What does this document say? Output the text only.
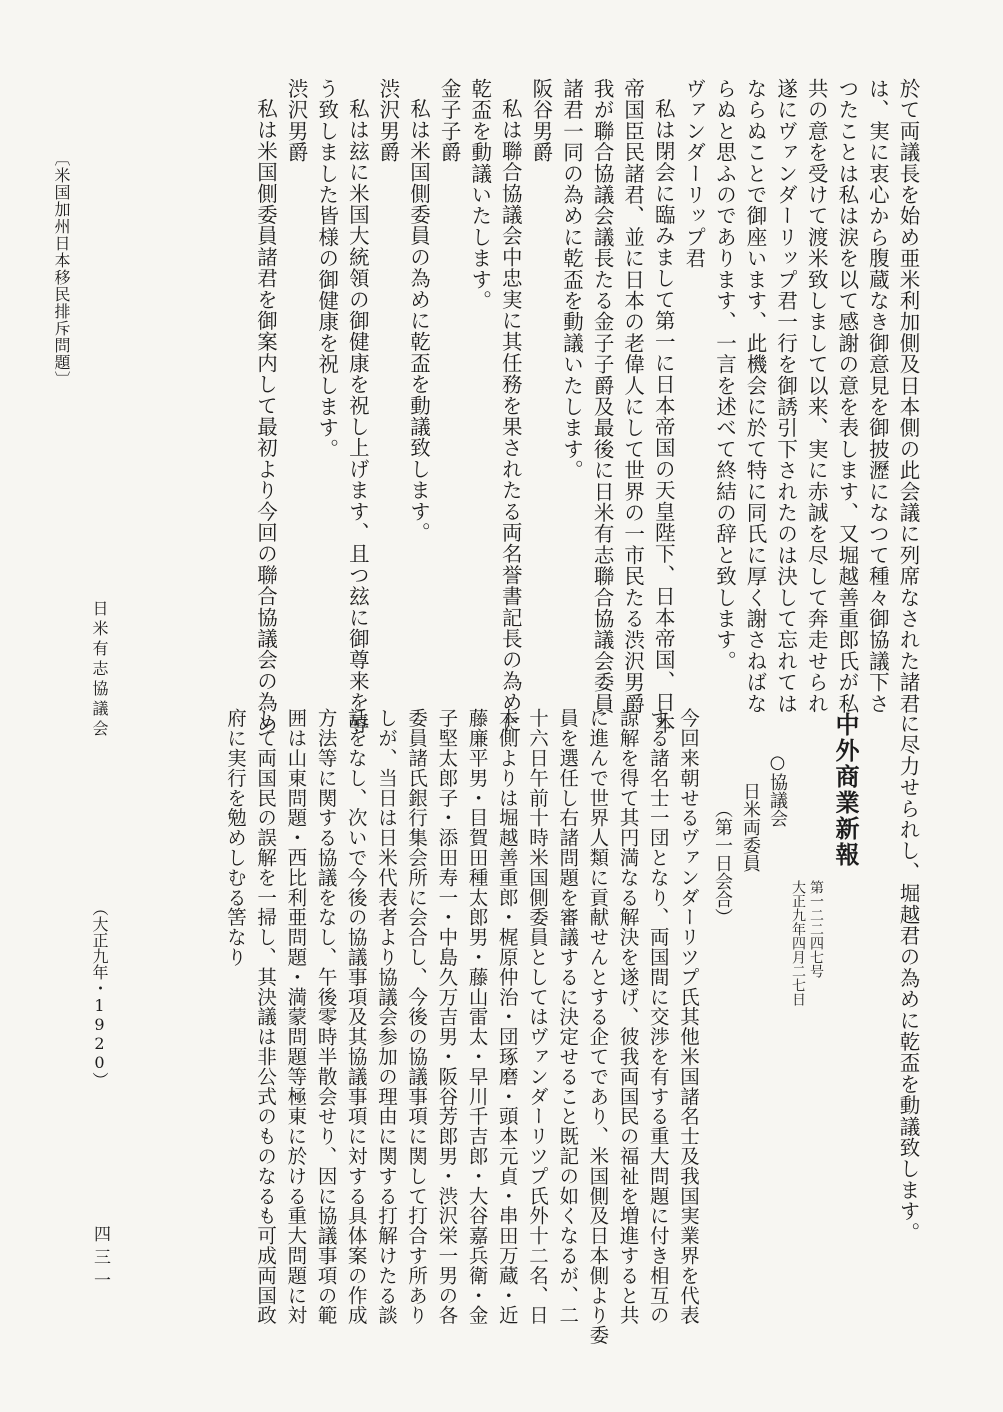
於て両議長を始め亜米利加側及日本側の此会議に列席なされた諸君
は、実に衷心から腹蔵なき御意見を御披瀝になつて種々御協議下さ
つたことは私は涙を以て感謝の意を表します、又堀越善重郎氏が私
共の意を受けて渡米致しまして以来、実に赤誠を尽して奔走せられ
遂にヴァンダーリップ君一行を御誘引下されたのは決して忘れては
ならぬことで御座います、此機会に於て特に同氏に厚く謝さねばな
らぬと思ふのであります、一言を述べて終結の辞と致します。
ヴァンダーリップ君
私は閉会に臨みまして第一に日本帝国の天皇陛下、日本帝国、日本
帝国臣民諸君、並に日本の老偉人にして世界の一市民たる渋沢男爵
我が聯合協議会議長たる金子子爵及最後に日米有志聯合協議会委員
諸君一同の為めに乾盃を動議いたします。
阪谷男爵
私は聯合協議会中忠実に其任務を果されたる両名誉書記長の為めに
乾盃を動議いたします。
金子子爵
私は米国側委員の為めに乾盃を動議致します。
渋沢男爵
私は玆に米国大統領の御健康を祝し上げます、且つ玆に御尊来を辱
う致しました皆様の御健康を祝します。
渋沢男爵
私は米国側委員諸君を御案内して最初より今回の聯合協議会の為め
に尽力せられし、堀越君の為めに乾盃を動議致します。
中外商業新報
第一二二四七号
大正九年四月二七日
○協議会
日米両委員
（第一日会合）
今回来朝せるヴァンダーリツプ氏其他米国諸名士及我国実業界を代表
する諸名士一団となり、両国間に交渉を有する重大問題に付き相互の
諒解を得て其円満なる解決を遂げ、彼我両国民の福祉を増進すると共
に進んで世界人類に貢献せんとする企てであり、米国側及日本側より委
員を選任し右諸問題を審議するに決定せること既記の如くなるが、二
十六日午前十時米国側委員としてはヴァンダーリツプ氏外十二名、日
本側よりは堀越善重郎・梶原仲治・団琢磨・頭本元貞・串田万蔵・近
藤廉平男・目賀田種太郎男・藤山雷太・早川千吉郎・大谷嘉兵衛・金
子堅太郎子・添田寿一・中島久万吉男・阪谷芳郎男・渋沢栄一男の各
委員諸氏銀行集会所に会合し、今後の協議事項に関して打合す所あり
しが、当日は日米代表者より協議会参加の理由に関する打解けたる談
話をなし、次いで今後の協議事項及其協議事項に対する具体案の作成
方法等に関する協議をなし、午後零時半散会せり、因に協議事項の範
囲は山東問題・西比利亜問題・満蒙問題等極東に於ける重大問題に対
して両国民の誤解を一掃し、其決議は非公式のものなるも可成両国政
府に実行を勉めしむる筈なり
〔米国加州日本移民排斥問題〕
日米有志協議会
（大正九年・1920）
四三一
